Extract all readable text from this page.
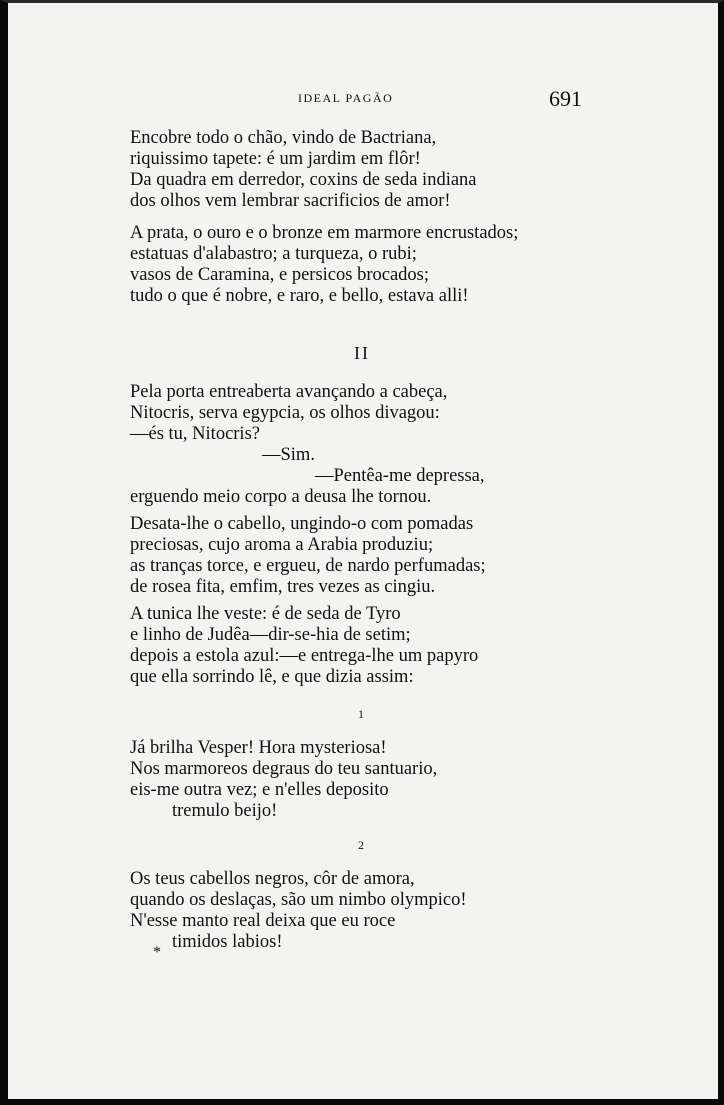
IDEAL PAGÃO	691
Encobre todo o chão, vindo de Bactriana,
riquissimo tapete: é um jardim em flôr!
Da quadra em derredor, coxins de seda indiana
dos olhos vem lembrar sacrificios de amor!
A prata, o ouro e o bronze em marmore encrustados;
estatuas d'alabastro; a turqueza, o rubi;
vasos de Caramina, e persicos brocados;
tudo o que é nobre, e raro, e bello, estava alli!
II
Pela porta entreaberta avançando a cabeça,
Nitocris, serva egypcia, os olhos divagou:
—és tu, Nitocris?
—Sim.
—Pentêa-me depressa,
erguendo meio corpo a deusa lhe tornou.
Desata-lhe o cabello, ungindo-o com pomadas
preciosas, cujo aroma a Arabia produziu;
as tranças torce, e ergueu, de nardo perfumadas;
de rosea fita, emfim, tres vezes as cingiu.
A tunica lhe veste: é de seda de Tyro
e linho de Judêa—dir-se-hia de setim;
depois a estola azul:—e entrega-lhe um papyro
que ella sorrindo lê, e que dizia assim:
1
Já brilha Vesper! Hora mysteriosa!
Nos marmoreos degraus do teu santuario,
eis-me outra vez; e n'elles deposito
tremulo beijo!
2
Os teus cabellos negros, côr de amora,
quando os deslaças, são um nimbo olympico!
N'esse manto real deixa que eu roce
timidos labios!
*
